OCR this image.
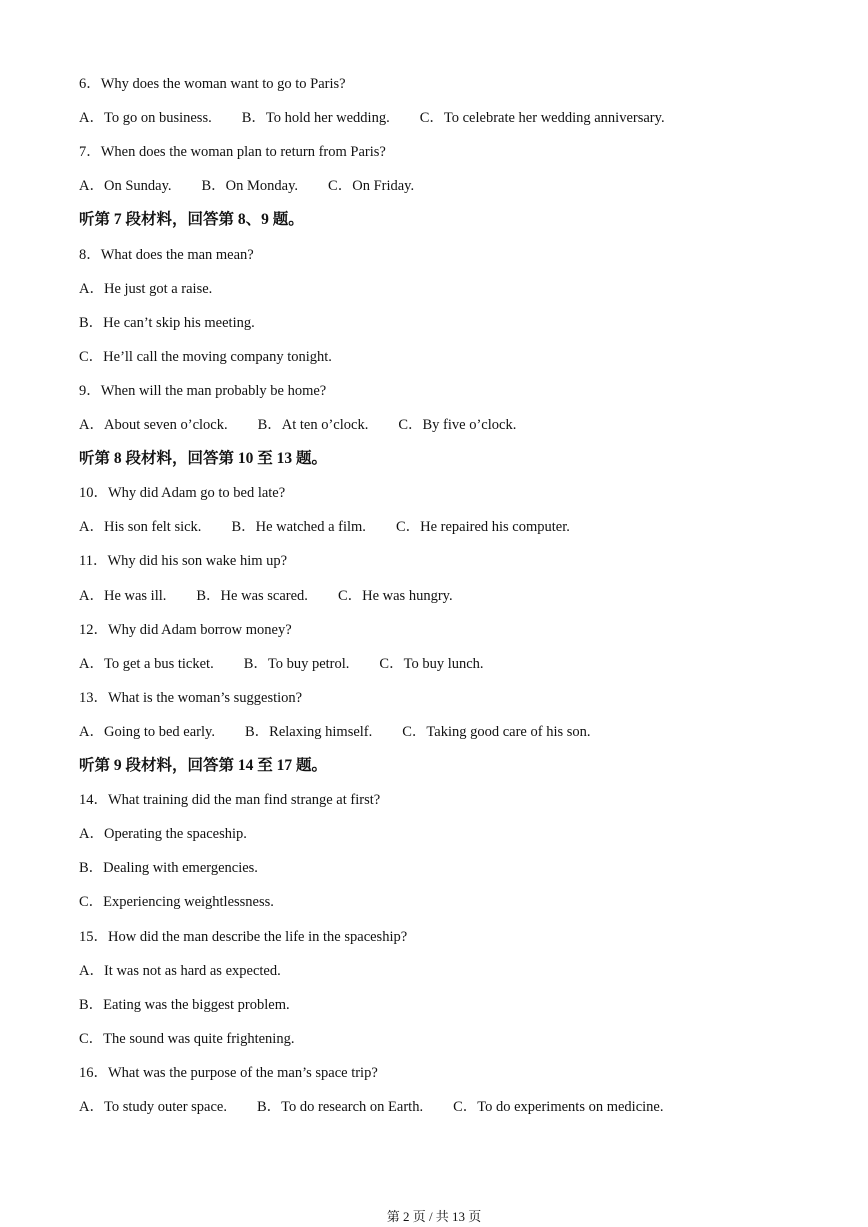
6．Why does the woman want to go to Paris?
A．To go on business. B．To hold her wedding. C．To celebrate her wedding anniversary.
7．When does the woman plan to return from Paris?
A．On Sunday. B．On Monday. C．On Friday.
听第 7 段材料，回答第 8、9 题。
8．What does the man mean?
A．He just got a raise.
B．He can’t skip his meeting.
C．He’ll call the moving company tonight.
9．When will the man probably be home?
A．About seven o’clock. B．At ten o’clock. C．By five o’clock.
听第 8 段材料，回答第 10 至 13 题。
10．Why did Adam go to bed late?
A．His son felt sick. B．He watched a film. C．He repaired his computer.
11．Why did his son wake him up?
A．He was ill. B．He was scared. C．He was hungry.
12．Why did Adam borrow money?
A．To get a bus ticket. B．To buy petrol. C．To buy lunch.
13．What is the woman’s suggestion?
A．Going to bed early. B．Relaxing himself. C．Taking good care of his son.
听第 9 段材料，回答第 14 至 17 题。
14．What training did the man find strange at first?
A．Operating the spaceship.
B．Dealing with emergencies.
C．Experiencing weightlessness.
15．How did the man describe the life in the spaceship?
A．It was not as hard as expected.
B．Eating was the biggest problem.
C．The sound was quite frightening.
16．What was the purpose of the man’s space trip?
A．To study outer space. B．To do research on Earth. C．To do experiments on medicine.
第 2 页 / 共 13 页
